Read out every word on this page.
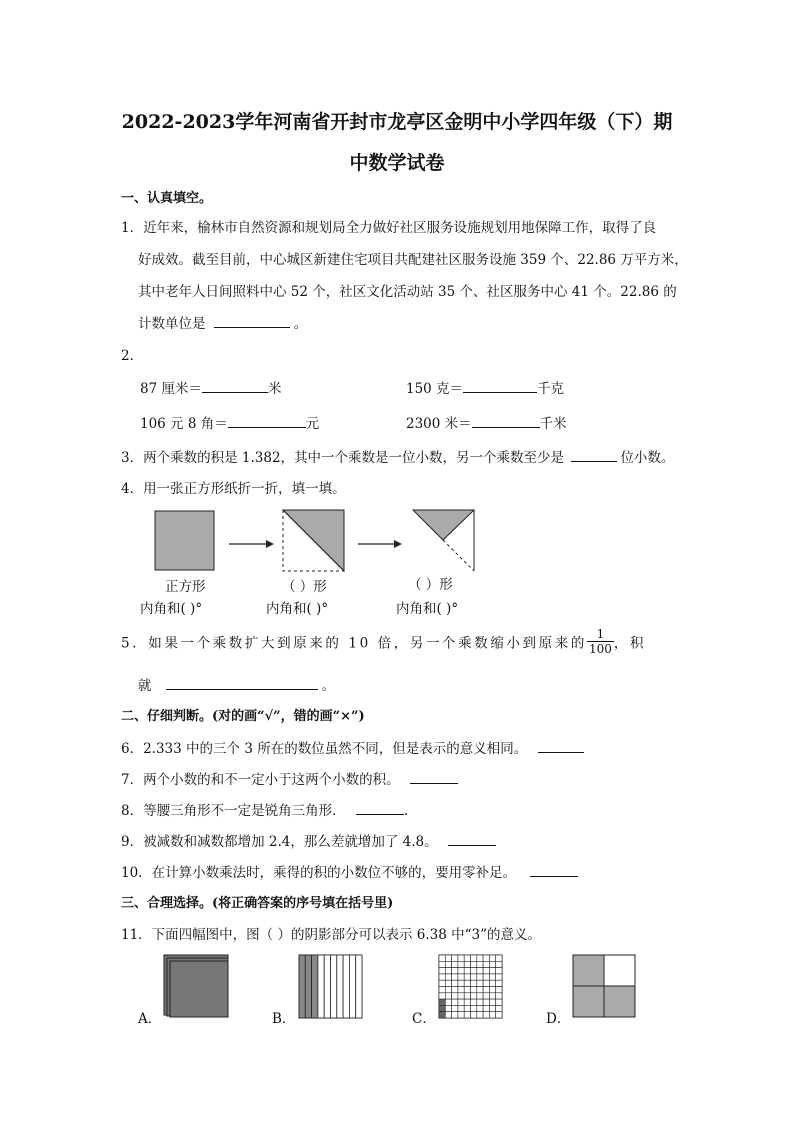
2022-2023学年河南省开封市龙亭区金明中小学四年级（下）期
中数学试卷
一、认真填空。
1．近年来，榆林市自然资源和规划局全力做好社区服务设施规划用地保障工作，取得了良
好成效。截至目前，中心城区新建住宅项目共配建社区服务设施 359 个、22.86 万平方米，
其中老年人日间照料中心 52 个，社区文化活动站 35 个、社区服务中心 41 个。22.86 的
计数单位是	。
2．
87 厘米＝	米	150 克＝	千克
106 元 8 角＝	元	2300 米＝	千米
3．两个乘数的积是 1.382，其中一个乘数是一位小数，另一个乘数至少是	位小数。
4．用一张正方形纸折一折，填一填。
正方形	（ ）形	（ ）形
内角和( )°	内角和( )°	内角和( )°
5．如果一个乘数扩大到原来的 10 倍，另一个乘数缩小到原来的 $\frac{1}{100}$ ，积
就	。
二、仔细判断。(对的画“√”，错的画“×”)
6．2.333 中的三个 3 所在的数位虽然不同，但是表示的意义相同。
7．两个小数的和不一定小于这两个小数的积。
8．等腰三角形不一定是锐角三角形．	.
9．被减数和减数都增加 2.4，那么差就增加了 4.8。
10．在计算小数乘法时，乘得的积的小数位不够的，要用零补足。
三、合理选择。(将正确答案的序号填在括号里)
11．下面四幅图中，图（ ）的阴影部分可以表示 6.38 中“3”的意义。
A．	B．	C．	D．
